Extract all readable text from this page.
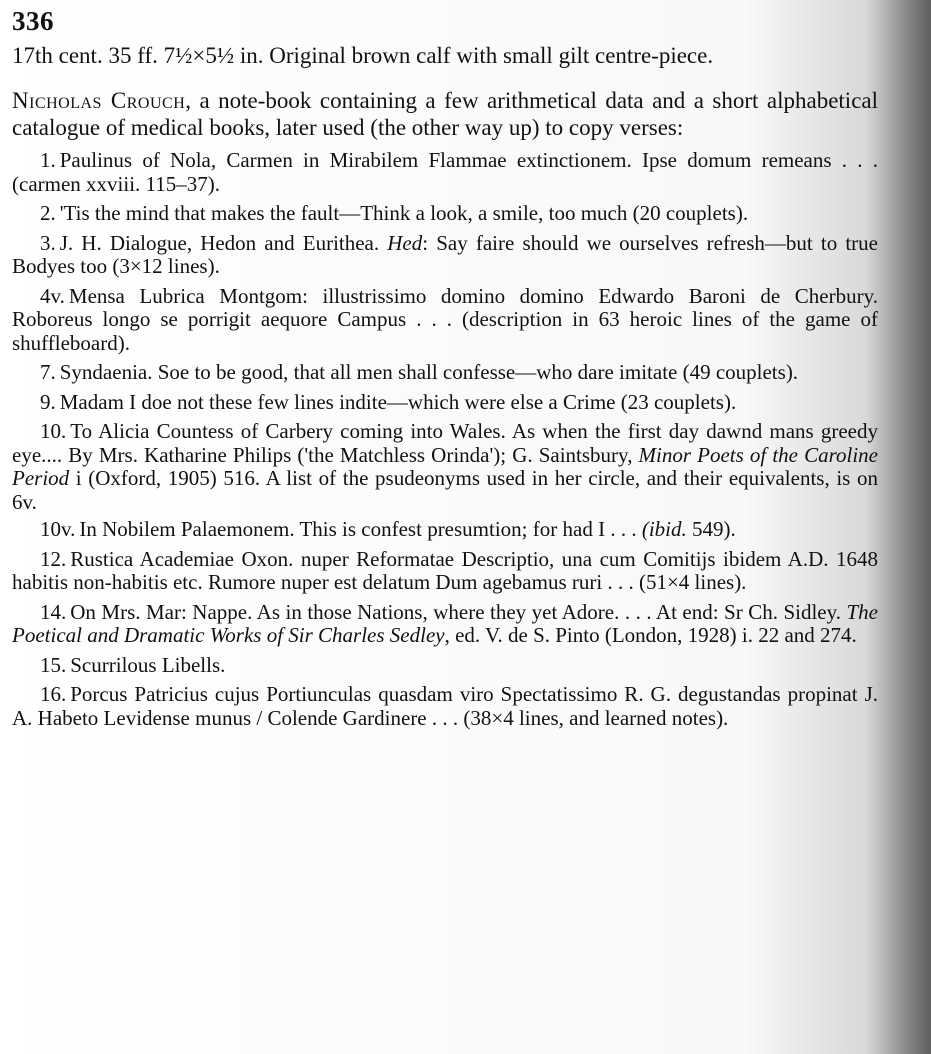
336
17th cent. 35 ff. 7½×5½ in. Original brown calf with small gilt centre-piece.
Nicholas Crouch, a note-book containing a few arithmetical data and a short alphabetical catalogue of medical books, later used (the other way up) to copy verses:
1. Paulinus of Nola, Carmen in Mirabilem Flammae extinctionem. Ipse domum remeans . . . (carmen xxviii. 115–37).
2. 'Tis the mind that makes the fault—Think a look, a smile, too much (20 couplets).
3. J. H. Dialogue, Hedon and Eurithea. Hed: Say faire should we ourselves refresh—but to true Bodyes too (3×12 lines).
4v. Mensa Lubrica Montgom: illustrissimo domino domino Edwardo Baroni de Cherbury. Roboreus longo se porrigit aequore Campus . . . (description in 63 heroic lines of the game of shuffleboard).
7. Syndaenia. Soe to be good, that all men shall confesse—who dare imitate (49 couplets).
9. Madam I doe not these few lines indite—which were else a Crime (23 couplets).
10. To Alicia Countess of Carbery coming into Wales. As when the first day dawnd mans greedy eye.... By Mrs. Katharine Philips ('the Matchless Orinda'); G. Saintsbury, Minor Poets of the Caroline Period i (Oxford, 1905) 516. A list of the psudeonyms used in her circle, and their equivalents, is on 6v.
10v. In Nobilem Palaemonem. This is confest presumtion; for had I . . . (ibid. 549).
12. Rustica Academiae Oxon. nuper Reformatae Descriptio, una cum Comitijs ibidem A.D. 1648 habitis non-habitis etc. Rumore nuper est delatum Dum agebamus ruri . . . (51×4 lines).
14. On Mrs. Mar: Nappe. As in those Nations, where they yet Adore. . . . At end: Sr Ch. Sidley. The Poetical and Dramatic Works of Sir Charles Sedley, ed. V. de S. Pinto (London, 1928) i. 22 and 274.
15. Scurrilous Libells.
16. Porcus Patricius cujus Portiunculas quasdam viro Spectatissimo R. G. degustandas propinat J. A. Habeto Levidense munus / Colende Gardinere . . . (38×4 lines, and learned notes).
